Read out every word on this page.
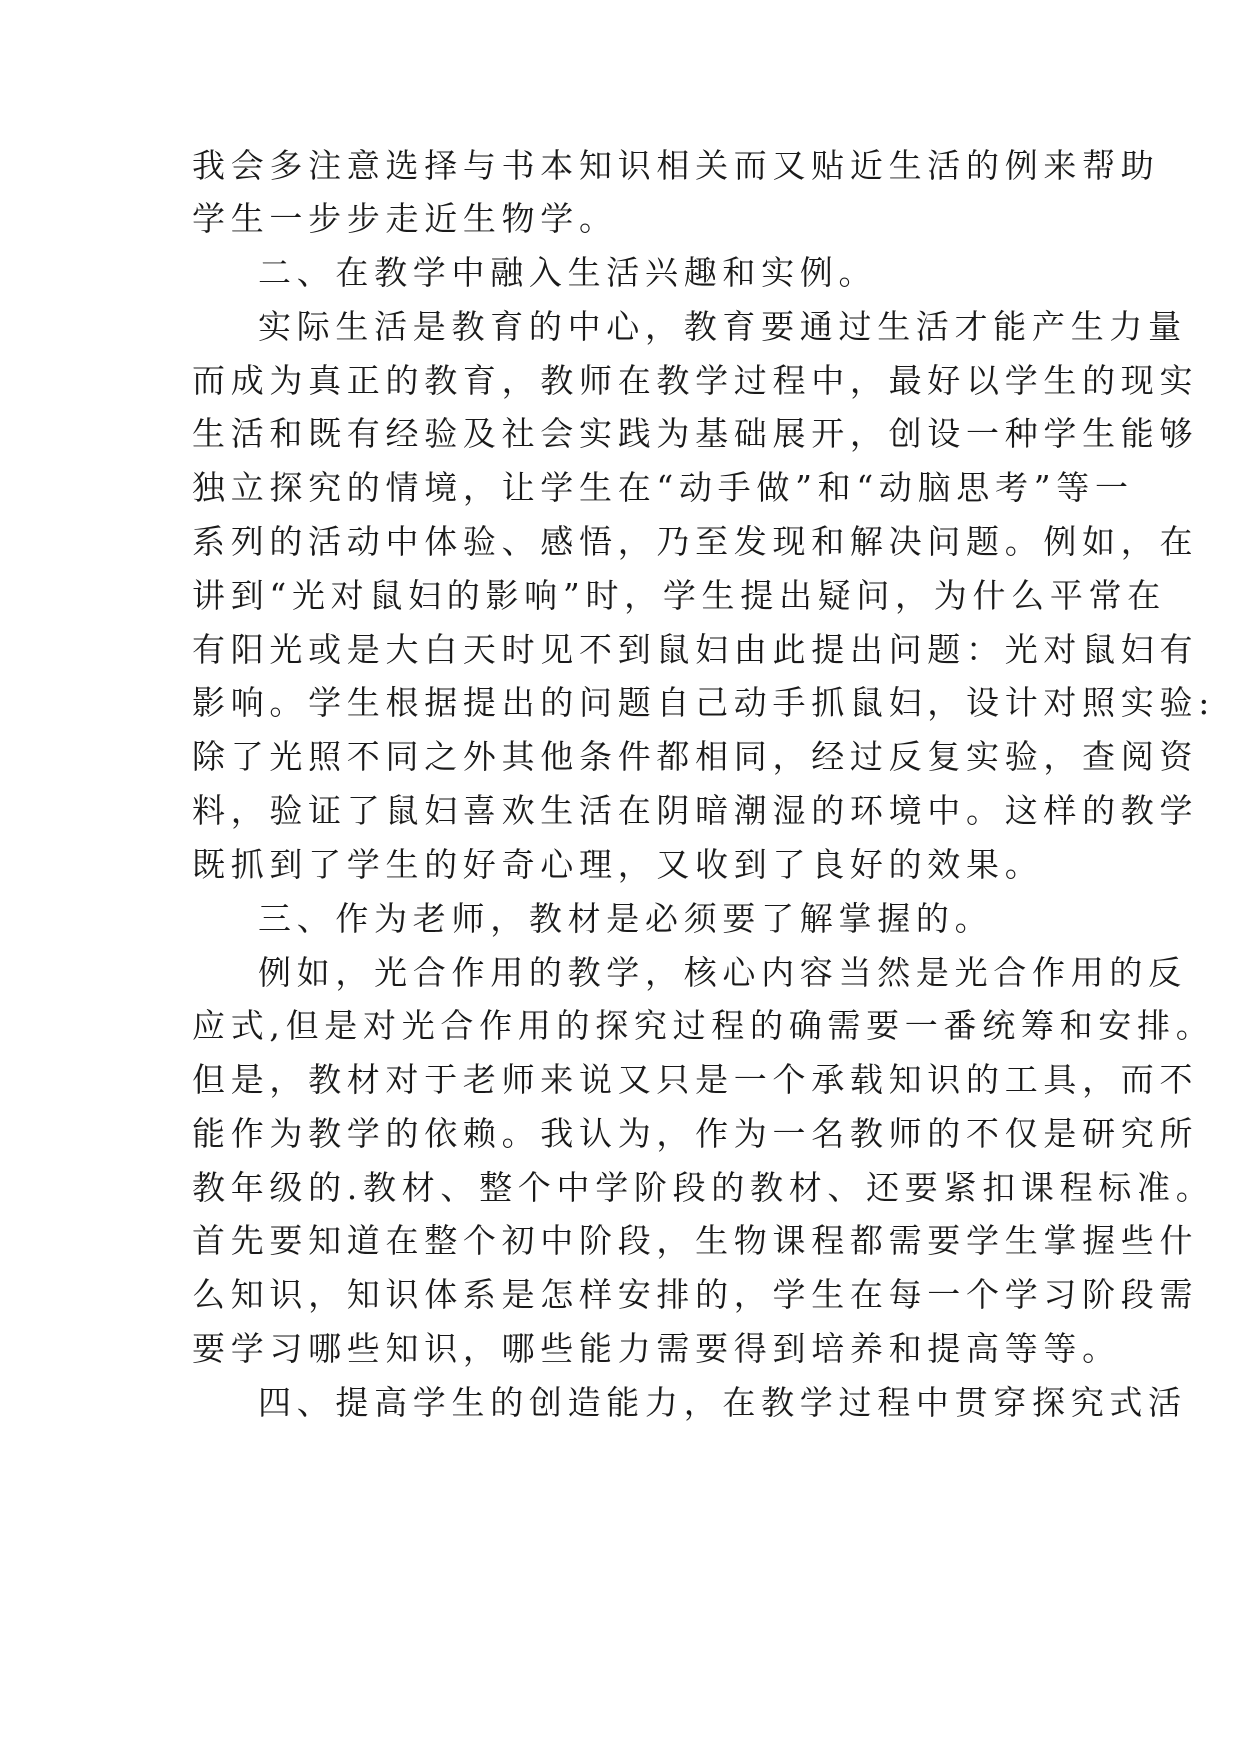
我会多注意选择与书本知识相关而又贴近生活的例来帮助
学生一步步走近生物学。
二、在教学中融入生活兴趣和实例。
实际生活是教育的中心，教育要通过生活才能产生力量
而成为真正的教育，教师在教学过程中，最好以学生的现实
生活和既有经验及社会实践为基础展开，创设一种学生能够
独立探究的情境，让学生在“动手做”和“动脑思考”等一
系列的活动中体验、感悟，乃至发现和解决问题。例如，在
讲到“光对鼠妇的影响”时，学生提出疑问，为什么平常在
有阳光或是大白天时见不到鼠妇由此提出问题：光对鼠妇有
影响。学生根据提出的问题自己动手抓鼠妇，设计对照实验:
除了光照不同之外其他条件都相同，经过反复实验，查阅资
料，验证了鼠妇喜欢生活在阴暗潮湿的环境中。这样的教学
既抓到了学生的好奇心理，又收到了良好的效果。
三、作为老师，教材是必须要了解掌握的。
例如，光合作用的教学，核心内容当然是光合作用的反
应式,但是对光合作用的探究过程的确需要一番统筹和安排。
但是，教材对于老师来说又只是一个承载知识的工具，而不
能作为教学的依赖。我认为，作为一名教师的不仅是研究所
教年级的.教材、整个中学阶段的教材、还要紧扣课程标准。
首先要知道在整个初中阶段，生物课程都需要学生掌握些什
么知识，知识体系是怎样安排的，学生在每一个学习阶段需
要学习哪些知识，哪些能力需要得到培养和提高等等。
四、提高学生的创造能力，在教学过程中贯穿探究式活
